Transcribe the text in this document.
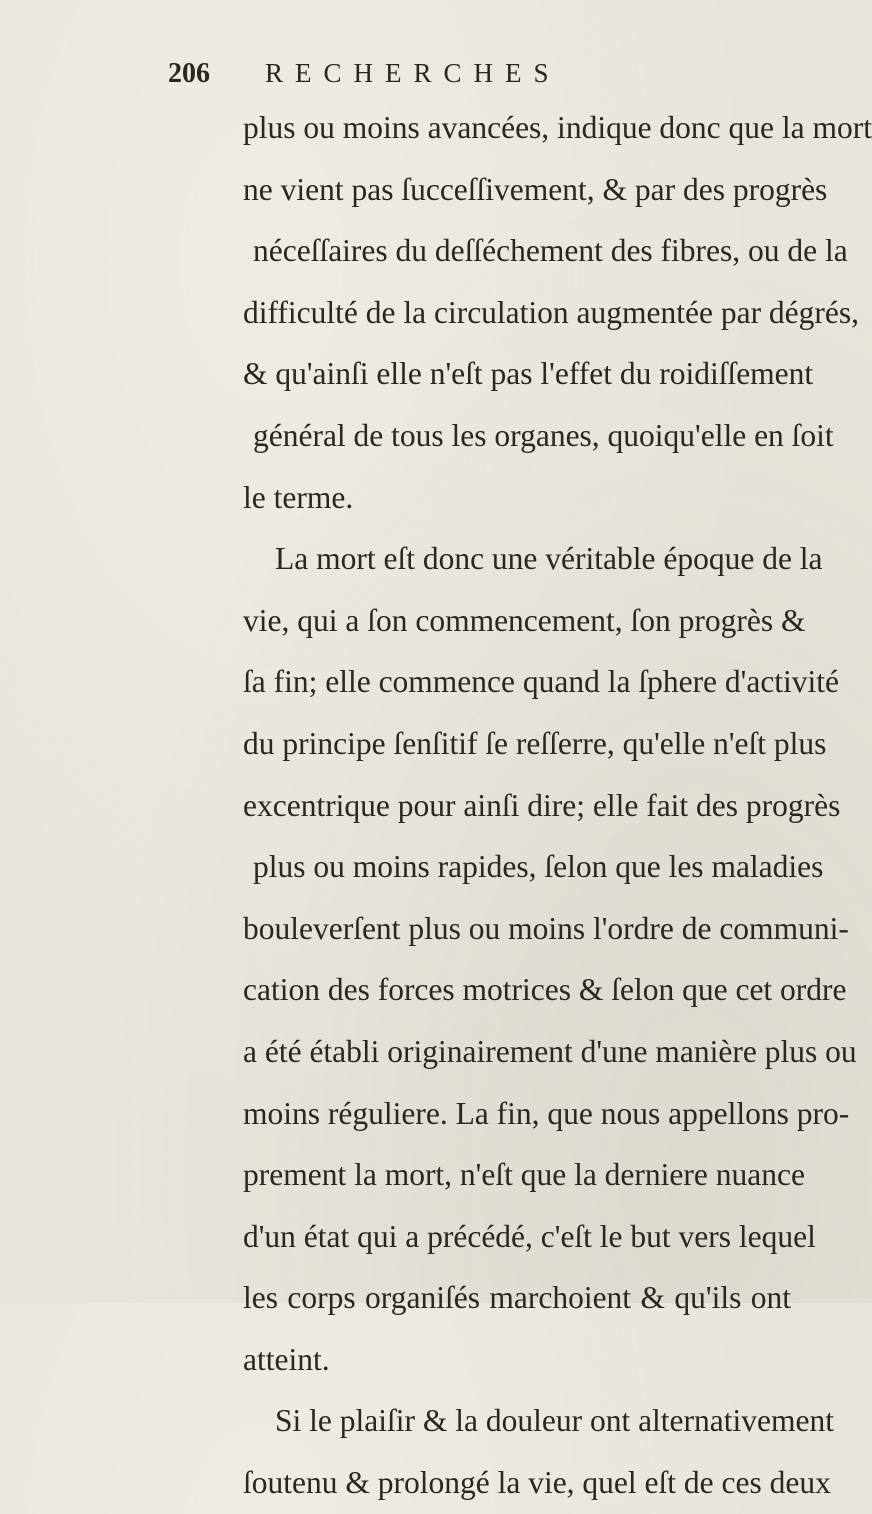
206 RECHERCHES
plus ou moins avancées, indique donc que la mort
ne vient pas ſucceſſivement, & par des progrès
néceſſaires du deſſéchement des fibres, ou de la
difficulté de la circulation augmentée par dégrés,
& qu'ainſi elle n'eſt pas l'effet du roidiſſement
général de tous les organes, quoiqu'elle en ſoit
le terme.
La mort eſt donc une véritable époque de la
vie, qui a ſon commencement, ſon progrès &
ſa fin; elle commence quand la ſphere d'activité
du principe ſenſitif ſe reſſerre, qu'elle n'eſt plus
excentrique pour ainſi dire; elle fait des progrès
plus ou moins rapides, ſelon que les maladies
bouleverſent plus ou moins l'ordre de communi-
cation des forces motrices & ſelon que cet ordre
a été établi originairement d'une manière plus ou
moins réguliere. La fin, que nous appellons pro-
prement la mort, n'eſt que la derniere nuance
d'un état qui a précédé, c'eſt le but vers lequel
les corps organiſés marchoient & qu'ils ont
atteint.
Si le plaiſir & la douleur ont alternativement
ſoutenu & prolongé la vie, quel eſt de ces deux
